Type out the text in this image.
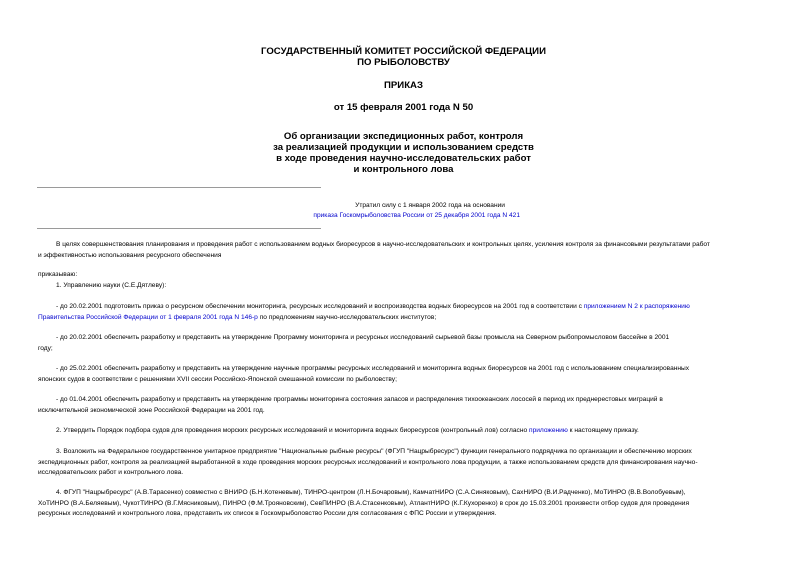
ГОСУДАРСТВЕННЫЙ КОМИТЕТ РОССИЙСКОЙ ФЕДЕРАЦИИ
ПО РЫБОЛОВСТВУ
ПРИКАЗ
от 15 февраля 2001 года N 50
Об организации экспедиционных работ, контроля
за реализацией продукции и использованием средств
в ходе проведения научно-исследовательских работ
и контрольного лова
Утратил силу с 1 января 2002 года на основании
приказа Госкомрыболовства России от 25 декабря 2001 года N 421
В целях совершенствования планирования и проведения работ с использованием водных биоресурсов в научно-исследовательских и контрольных целях, усиления контроля за финансовыми результатами работ
и эффективностью использования ресурсного обеспечения
приказываю:
1. Управлению науки (С.Е.Дятлеву):
- до 20.02.2001 подготовить приказ о ресурсном обеспечении мониторинга, ресурсных исследований и воспроизводства водных биоресурсов на 2001 год в соответствии с приложением N 2 к распоряжению
Правительства Российской Федерации от 1 февраля 2001 года N 146-р по предложениям научно-исследовательских институтов;
- до 20.02.2001 обеспечить разработку и представить на утверждение Программу мониторинга и ресурсных исследований сырьевой базы промысла на Северном рыбопромысловом бассейне в 2001
году;
- до 25.02.2001 обеспечить разработку и представить на утверждение научные программы ресурсных исследований и мониторинга водных биоресурсов на 2001 год с использованием специализированных
японских судов в соответствии с решениями XVII сессии Российско-Японской смешанной комиссии по рыболовству;
- до 01.04.2001 обеспечить разработку и представить на утверждение программы мониторинга состояния запасов и распределения тихоокеанских лососей в период их преднерестовых миграций в
исключительной экономической зоне Российской Федерации на 2001 год.
2. Утвердить Порядок подбора судов для проведения морских ресурсных исследований и мониторинга водных биоресурсов (контрольный лов) согласно приложению к настоящему приказу.
3. Возложить на Федеральное государственное унитарное предприятие "Национальные рыбные ресурсы" (ФГУП "Нацрыбресурс") функции генерального подрядчика по организации и обеспечению морских
экспедиционных работ, контроля за реализацией выработанной в ходе проведения морских ресурсных исследований и контрольного лова продукции, а также использованием средств для финансирования научно-
исследовательских работ и контрольного лова.
4. ФГУП "Нацрыбресурс" (А.В.Тарасенко) совместно с ВНИРО (Б.Н.Котеневым), ТИНРО-центром (Л.Н.Бочаровым), КамчатНИРО (С.А.Синяковым), СахНИРО (В.И.Радченко), МоТИНРО (В.В.Волобуевым),
ХоТИНРО (В.А.Беляевым), ЧукотТИНРО (В.Г.Мясниковым), ПИНРО (Ф.М.Трояновским), СевПИНРО (В.А.Стасенковым), АтлантНИРО (К.Г.Кухоренко) в срок до 15.03.2001 произвести отбор судов для проведения
ресурсных исследований и контрольного лова, представить их список в Госкомрыболовство России для согласования с ФПС России и утверждения.
